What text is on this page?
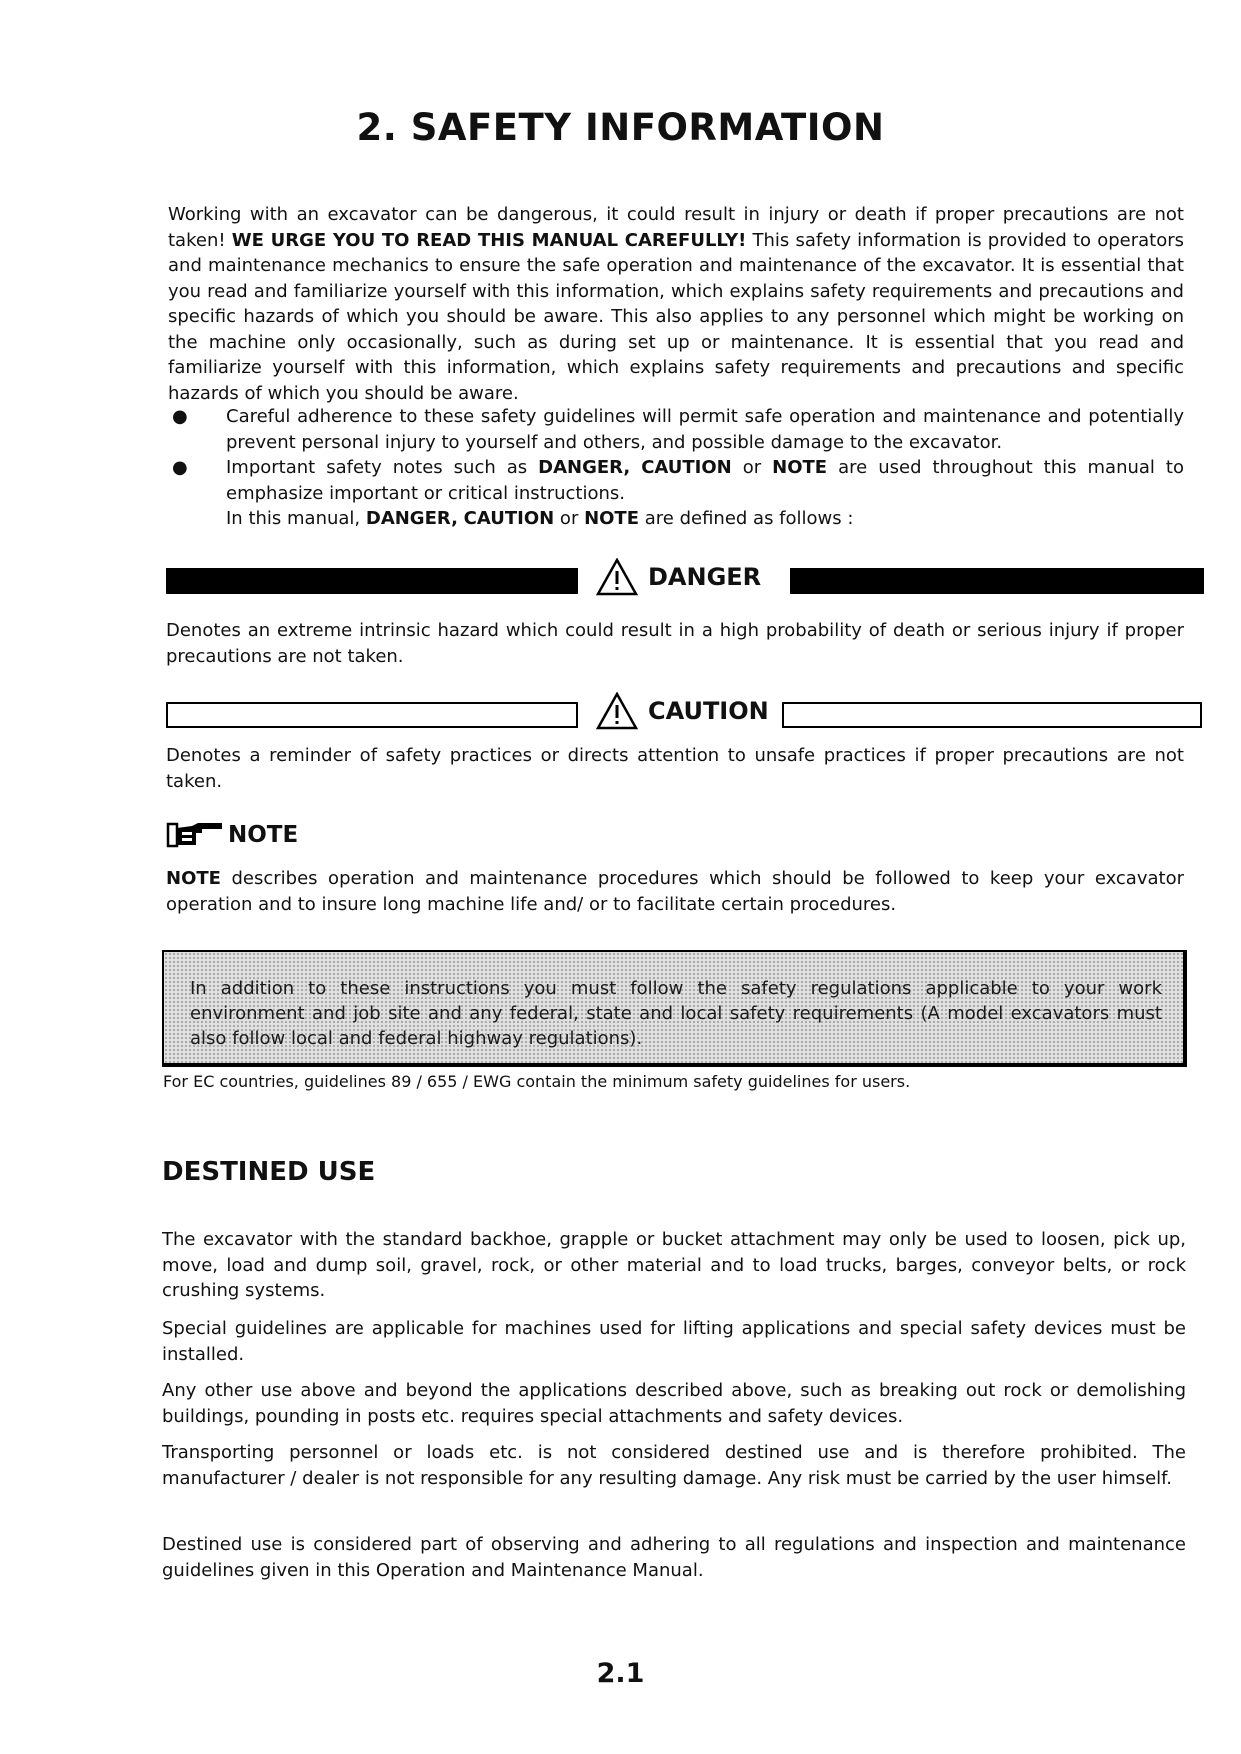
2. SAFETY INFORMATION
Working with an excavator can be dangerous, it could result in injury or death if proper precautions are not taken! WE URGE YOU TO READ THIS MANUAL CAREFULLY! This safety information is provided to operators and maintenance mechanics to ensure the safe operation and maintenance of the excavator. It is essential that you read and familiarize yourself with this information, which explains safety requirements and precautions and specific hazards of which you should be aware. This also applies to any personnel which might be working on the machine only occasionally, such as during set up or maintenance. It is essential that you read and familiarize yourself with this information, which explains safety requirements and precautions and specific hazards of which you should be aware.
● Careful adherence to these safety guidelines will permit safe operation and maintenance and potentially prevent personal injury to yourself and others, and possible damage to the excavator.
● Important safety notes such as DANGER, CAUTION or NOTE are used throughout this manual to emphasize important or critical instructions.
In this manual, DANGER, CAUTION or NOTE are defined as follows :
DANGER
Denotes an extreme intrinsic hazard which could result in a high probability of death or serious injury if proper precautions are not taken.
CAUTION
Denotes a reminder of safety practices or directs attention to unsafe practices if proper precautions are not taken.
NOTE
NOTE describes operation and maintenance procedures which should be followed to keep your excavator operation and to insure long machine life and/ or to facilitate certain procedures.
In addition to these instructions you must follow the safety regulations applicable to your work environment and job site and any federal, state and local safety requirements (A model excavators must also follow local and federal highway regulations).
For EC countries, guidelines 89 / 655 / EWG contain the minimum safety guidelines for users.
DESTINED USE
The excavator with the standard backhoe, grapple or bucket attachment may only be used to loosen, pick up, move, load and dump soil, gravel, rock, or other material and to load trucks, barges, conveyor belts, or rock crushing systems.
Special guidelines are applicable for machines used for lifting applications and special safety devices must be installed.
Any other use above and beyond the applications described above, such as breaking out rock or demolishing buildings, pounding in posts etc. requires special attachments and safety devices.
Transporting personnel or loads etc. is not considered destined use and is therefore prohibited. The manufacturer / dealer is not responsible for any resulting damage. Any risk must be carried by the user himself.
Destined use is considered part of observing and adhering to all regulations and inspection and maintenance guidelines given in this Operation and Maintenance Manual.
2.1
